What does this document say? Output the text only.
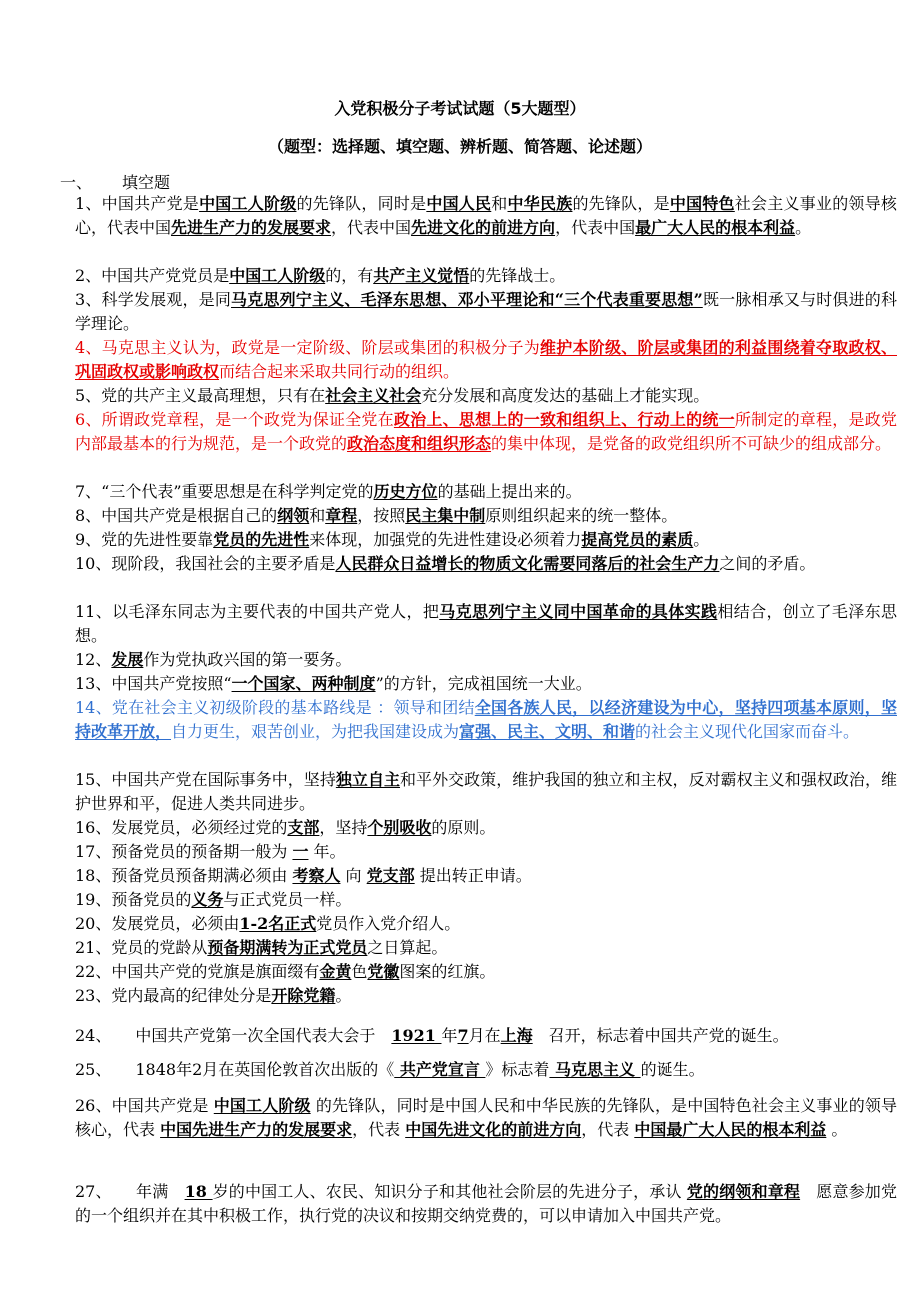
入党积极分子考试试题（5大题型）
（题型：选择题、填空题、辨析题、简答题、论述题）
一、 填空题
1、中国共产党是中国工人阶级的先锋队，同时是中国人民和中华民族的先锋队，是中国特色社会主义事业的领导核心，代表中国先进生产力的发展要求，代表中国先进文化的前进方向，代表中国最广大人民的根本利益。
2、中国共产党党员是中国工人阶级的，有共产主义觉悟的先锋战士。
3、科学发展观，是同马克思列宁主义、毛泽东思想、邓小平理论和“三个代表重要思想”既一脉相承又与时俱进的科学理论。
4、马克思主义认为，政党是一定阶级、阶层或集团的积极分子为维护本阶级、阶层或集团的利益围绕着夺取政权、巩固政权或影响政权而结合起来采取共同行动的组织。
5、党的共产主义最高理想，只有在社会主义社会充分发展和高度发达的基础上才能实现。
6、所谓政党章程，是一个政党为保证全党在政治上、思想上的一致和组织上、行动上的统一所制定的章程，是政党内部最基本的行为规范，是一个政党的政治态度和组织形态的集中体现，是党备的政党组织所不可缺少的组成部分。
7、“三个代表”重要思想是在科学判定党的历史方位的基础上提出来的。
8、中国共产党是根据自己的纲领和章程，按照民主集中制原则组织起来的统一整体。
9、党的先进性要靠党员的先进性来体现，加强党的先进性建设必须着力提高党员的素质。
10、现阶段，我国社会的主要矛盾是人民群众日益增长的物质文化需要同落后的社会生产力之间的矛盾。
11、以毛泽东同志为主要代表的中国共产党人，把马克思列宁主义同中国革命的具体实践相结合，创立了毛泽东思想。
12、发展作为党执政兴国的第一要务。
13、中国共产党按照“一个国家、两种制度”的方针，完成祖国统一大业。
14、党在社会主义初级阶段的基本路线是 ：领导和团结全国各族人民，以经济建设为中心，坚持四项基本原则，坚持改革开放，自力更生，艰苦创业，为把我国建设成为富强、民主、文明、和谐的社会主义现代化国家而奋斗。
15、中国共产党在国际事务中，坚持独立自主和平外交政策，维护我国的独立和主权，反对霸权主义和强权政治，维护世界和平，促进人类共同进步。
16、发展党员，必须经过党的支部，坚持个别吸收的原则。
17、预备党员的预备期一般为 一 年。
18、预备党员预备期满必须由 考察人 向 党支部 提出转正申请。
19、预备党员的义务与正式党员一样。
20、发展党员，必须由1-2名正式党员作入党介绍人。
21、党员的党龄从预备期满转为正式党员之日算起。
22、中国共产党的党旗是旗面缀有金黄色党徽图案的红旗。
23、党内最高的纪律处分是开除党籍。
24、　　中国共产党第一次全国代表大会于　1921 年7月在上海　召开，标志着中国共产党的诞生。
25、　　1848年2月在英国伦敦首次出版的《 共产党宣言 》标志着 马克思主义 的诞生。
26、中国共产党是 中国工人阶级 的先锋队，同时是中国人民和中华民族的先锋队，是中国特色社会主义事业的领导核心，代表 中国先进生产力的发展要求，代表 中国先进文化的前进方向，代表 中国最广大人民的根本利益 。
27、　　年满　18 岁的中国工人、农民、知识分子和其他社会阶层的先进分子，承认 党的纲领和章程　愿意参加党的一个组织并在其中积极工作，执行党的决议和按期交纳党费的，可以申请加入中国共产党。
